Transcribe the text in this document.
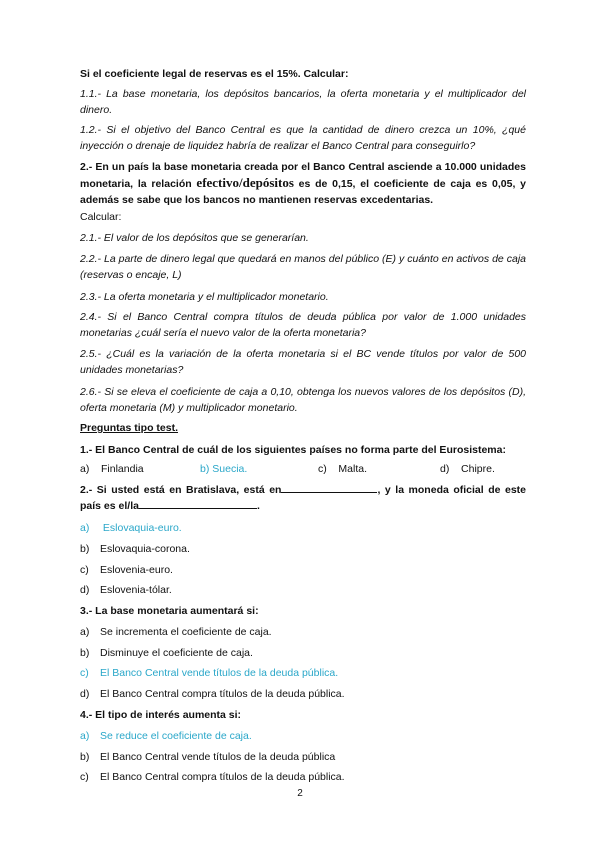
Si el coeficiente legal de reservas es el 15%. Calcular:

1.1.- La base monetaria, los depósitos bancarios, la oferta monetaria y el multiplicador del dinero.

1.2.- Si el objetivo del Banco Central es que la cantidad de dinero crezca un 10%, ¿qué inyección o drenaje de liquidez habría de realizar el Banco Central para conseguirlo?

2.- En un país la base monetaria creada por el Banco Central asciende a 10.000 unidades monetaria, la relación efectivo/depósitos es de 0,15, el coeficiente de caja es 0,05, y además se sabe que los bancos no mantienen reservas excedentarias.

Calcular:

2.1.- El valor de los depósitos que se generarían.

2.2.- La parte de dinero legal que quedará en manos del público (E) y cuánto en activos de caja (reservas o encaje, L)

2.3.- La oferta monetaria y el multiplicador monetario.

2.4.- Si el Banco Central compra títulos de deuda pública por valor de 1.000 unidades monetarias ¿cuál sería el nuevo valor de la oferta monetaria?

2.5.- ¿Cuál es la variación de la oferta monetaria si el BC vende títulos por valor de 500 unidades monetarias?

2.6.- Si se eleva el coeficiente de caja a 0,10, obtenga los nuevos valores de los depósitos (D), oferta monetaria (M) y multiplicador monetario.

Preguntas tipo test.

1.- El Banco Central de cuál de los siguientes países no forma parte del Eurosistema:

a) Finlandia	b) Suecia.	c) Malta.	d) Chipre.

2.- Si usted está en Bratislava, está en	, y la moneda oficial de este país es el/la	.

a) Eslovaquia-euro.
b) Eslovaquia-corona.
c) Eslovenia-euro.
d) Eslovenia-tólar.

3.- La base monetaria aumentará si:

a) Se incrementa el coeficiente de caja.
b) Disminuye el coeficiente de caja.
c) El Banco Central vende títulos de la deuda pública.
d) El Banco Central compra títulos de la deuda pública.

4.- El tipo de interés aumenta si:

a) Se reduce el coeficiente de caja.
b) El Banco Central vende títulos de la deuda pública
c) El Banco Central compra títulos de la deuda pública.
2
